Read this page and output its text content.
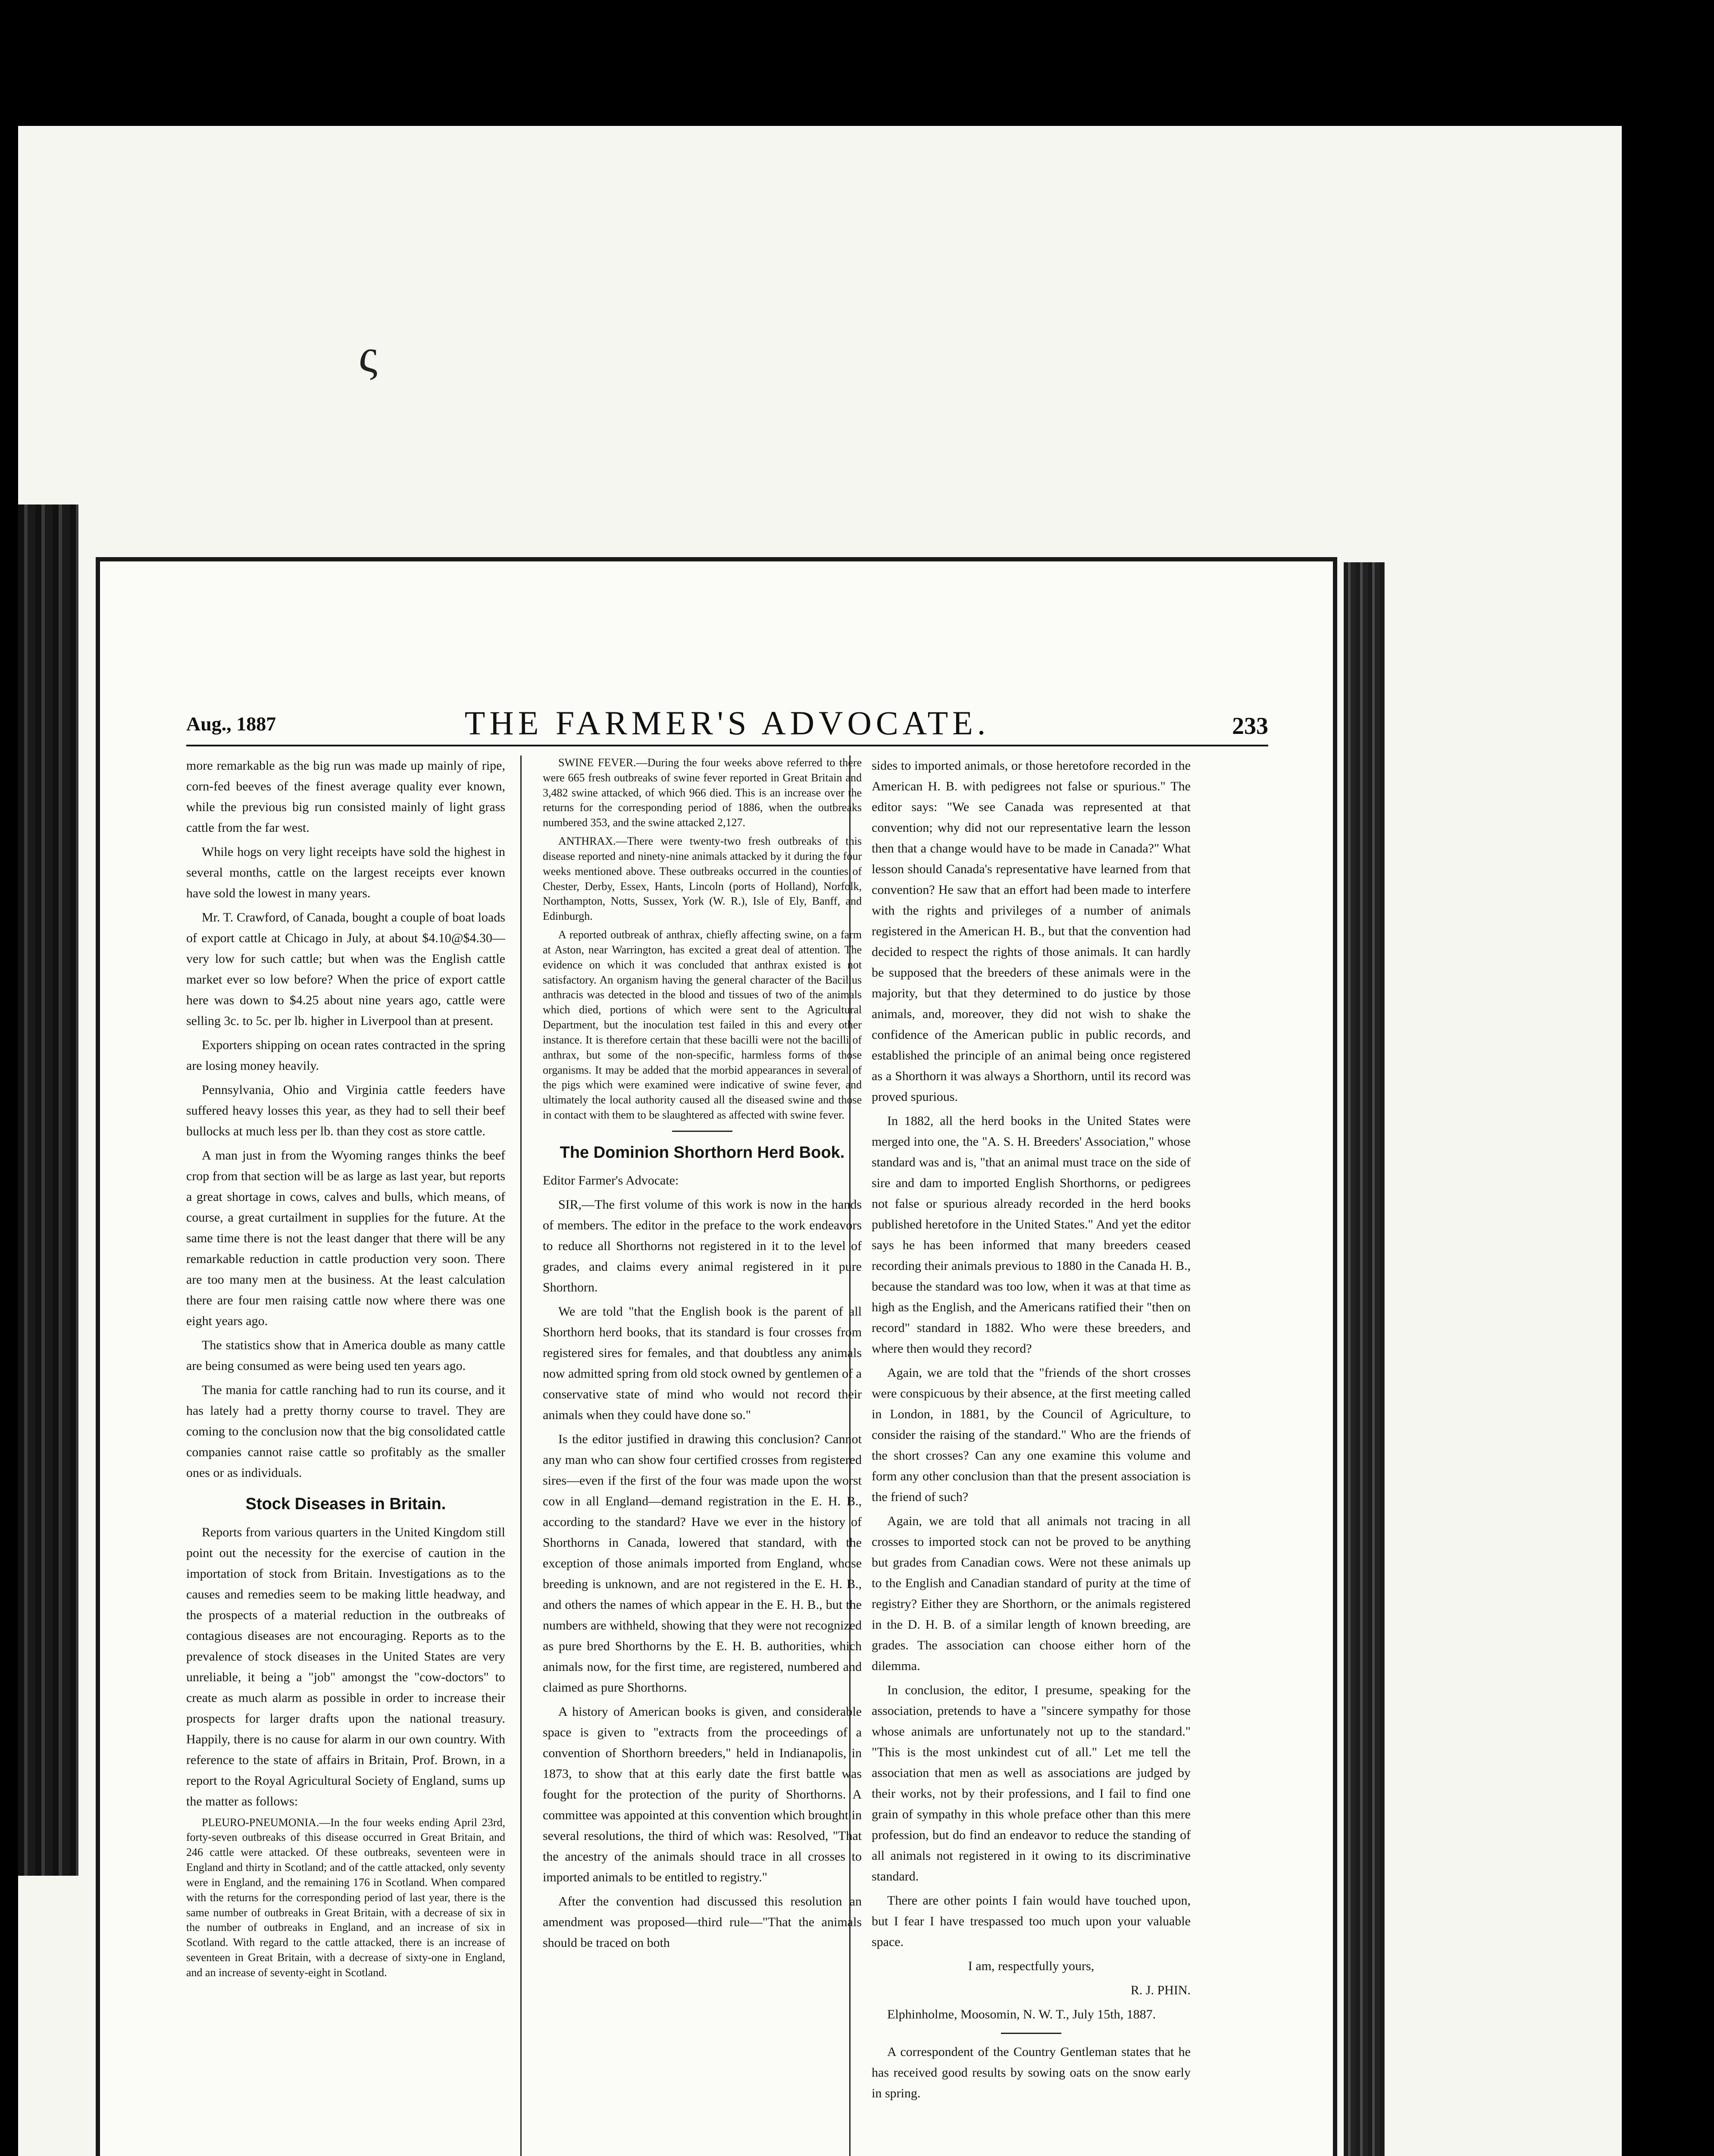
ς
Aug., 1887	THE FARMER'S ADVOCATE.	233

more remarkable as the big run was made up mainly of ripe, corn-fed beeves of the finest average quality ever known, while the previous big run consisted mainly of light grass cattle from the far west.

While hogs on very light receipts have sold the highest in several months, cattle on the largest receipts ever known have sold the lowest in many years.

Mr. T. Crawford, of Canada, bought a couple of boat loads of export cattle at Chicago in July, at about $4.10@$4.30—very low for such cattle; but when was the English cattle market ever so low before? When the price of export cattle here was down to $4.25 about nine years ago, cattle were selling 3c. to 5c. per lb. higher in Liverpool than at present.

Exporters shipping on ocean rates contracted in the spring are losing money heavily.

Pennsylvania, Ohio and Virginia cattle feeders have suffered heavy losses this year, as they had to sell their beef bullocks at much less per lb. than they cost as store cattle.

A man just in from the Wyoming ranges thinks the beef crop from that section will be as large as last year, but reports a great shortage in cows, calves and bulls, which means, of course, a great curtailment in supplies for the future. At the same time there is not the least danger that there will be any remarkable reduction in cattle production very soon. There are too many men at the business. At the least calculation there are four men raising cattle now where there was one eight years ago.

The statistics show that in America double as many cattle are being consumed as were being used ten years ago.

The mania for cattle ranching had to run its course, and it has lately had a pretty thorny course to travel. They are coming to the conclusion now that the big consolidated cattle companies cannot raise cattle so profitably as the smaller ones or as individuals.

Stock Diseases in Britain.

Reports from various quarters in the United Kingdom still point out the necessity for the exercise of caution in the importation of stock from Britain. Investigations as to the causes and remedies seem to be making little headway, and the prospects of a material reduction in the outbreaks of contagious diseases are not encouraging. Reports as to the prevalence of stock diseases in the United States are very unreliable, it being a "job" amongst the "cow-doctors" to create as much alarm as possible in order to increase their prospects for larger drafts upon the national treasury. Happily, there is no cause for alarm in our own country. With reference to the state of affairs in Britain, Prof. Brown, in a report to the Royal Agricultural Society of England, sums up the matter as follows:

PLEURO-PNEUMONIA.—In the four weeks ending April 23rd, forty-seven outbreaks of this disease occurred in Great Britain, and 246 cattle were attacked. Of these outbreaks, seventeen were in England and thirty in Scotland; and of the cattle attacked, only seventy were in England, and the remaining 176 in Scotland. When compared with the returns for the corresponding period of last year, there is the same number of outbreaks in Great Britain, with a decrease of six in the number of outbreaks in England, and an increase of six in Scotland. With regard to the cattle attacked, there is an increase of seventeen in Great Britain, with a decrease of sixty-one in England, and an increase of seventy-eight in Scotland.

SWINE FEVER.—During the four weeks above referred to there were 665 fresh outbreaks of swine fever reported in Great Britain and 3,482 swine attacked, of which 966 died. This is an increase over the returns for the corresponding period of 1886, when the outbreaks numbered 353, and the swine attacked 2,127.

ANTHRAX.—There were twenty-two fresh outbreaks of this disease reported and ninety-nine animals attacked by it during the four weeks mentioned above. These outbreaks occurred in the counties of Chester, Derby, Essex, Hants, Lincoln (ports of Holland), Norfolk, Northampton, Notts, Sussex, York (W. R.), Isle of Ely, Banff, and Edinburgh.

A reported outbreak of anthrax, chiefly affecting swine, on a farm at Aston, near Warrington, has excited a great deal of attention. The evidence on which it was concluded that anthrax existed is not satisfactory. An organism having the general character of the Bacillus anthracis was detected in the blood and tissues of two of the animals which died, portions of which were sent to the Agricultural Department, but the inoculation test failed in this and every other instance. It is therefore certain that these bacilli were not the bacilli of anthrax, but some of the non-specific, harmless forms of those organisms. It may be added that the morbid appearances in several of the pigs which were examined were indicative of swine fever, and ultimately the local authority caused all the diseased swine and those in contact with them to be slaughtered as affected with swine fever.

The Dominion Shorthorn Herd Book.

Editor Farmer's Advocate:

SIR,—The first volume of this work is now in the hands of members. The editor in the preface to the work endeavors to reduce all Shorthorns not registered in it to the level of grades, and claims every animal registered in it pure Shorthorn.

We are told "that the English book is the parent of all Shorthorn herd books, that its standard is four crosses from registered sires for females, and that doubtless any animals now admitted spring from old stock owned by gentlemen of a conservative state of mind who would not record their animals when they could have done so."

Is the editor justified in drawing this conclusion? Cannot any man who can show four certified crosses from registered sires—even if the first of the four was made upon the worst cow in all England—demand registration in the E. H. B., according to the standard? Have we ever in the history of Shorthorns in Canada, lowered that standard, with the exception of those animals imported from England, whose breeding is unknown, and are not registered in the E. H. B., and others the names of which appear in the E. H. B., but the numbers are withheld, showing that they were not recognized as pure bred Shorthorns by the E. H. B. authorities, which animals now, for the first time, are registered, numbered and claimed as pure Shorthorns.

A history of American books is given, and considerable space is given to "extracts from the proceedings of a convention of Shorthorn breeders," held in Indianapolis, in 1873, to show that at this early date the first battle was fought for the protection of the purity of Shorthorns. A committee was appointed at this convention which brought in several resolutions, the third of which was: Resolved, "That the ancestry of the animals should trace in all crosses to imported animals to be entitled to registry."

After the convention had discussed this resolution an amendment was proposed—third rule—"That the animals should be traced on both

sides to imported animals, or those heretofore recorded in the American H. B. with pedigrees not false or spurious." The editor says: "We see Canada was represented at that convention; why did not our representative learn the lesson then that a change would have to be made in Canada?" What lesson should Canada's representative have learned from that convention? He saw that an effort had been made to interfere with the rights and privileges of a number of animals registered in the American H. B., but that the convention had decided to respect the rights of those animals. It can hardly be supposed that the breeders of these animals were in the majority, but that they determined to do justice by those animals, and, moreover, they did not wish to shake the confidence of the American public in public records, and established the principle of an animal being once registered as a Shorthorn it was always a Shorthorn, until its record was proved spurious.

In 1882, all the herd books in the United States were merged into one, the "A. S. H. Breeders' Association," whose standard was and is, "that an animal must trace on the side of sire and dam to imported English Shorthorns, or pedigrees not false or spurious already recorded in the herd books published heretofore in the United States." And yet the editor says he has been informed that many breeders ceased recording their animals previous to 1880 in the Canada H. B., because the standard was too low, when it was at that time as high as the English, and the Americans ratified their "then on record" standard in 1882. Who were these breeders, and where then would they record?

Again, we are told that the "friends of the short crosses were conspicuous by their absence, at the first meeting called in London, in 1881, by the Council of Agriculture, to consider the raising of the standard." Who are the friends of the short crosses? Can any one examine this volume and form any other conclusion than that the present association is the friend of such?

Again, we are told that all animals not tracing in all crosses to imported stock can not be proved to be anything but grades from Canadian cows. Were not these animals up to the English and Canadian standard of purity at the time of registry? Either they are Shorthorn, or the animals registered in the D. H. B. of a similar length of known breeding, are grades. The association can choose either horn of the dilemma.

In conclusion, the editor, I presume, speaking for the association, pretends to have a "sincere sympathy for those whose animals are unfortunately not up to the standard." "This is the most unkindest cut of all." Let me tell the association that men as well as associations are judged by their works, not by their professions, and I fail to find one grain of sympathy in this whole preface other than this mere profession, but do find an endeavor to reduce the standing of all animals not registered in it owing to its discriminative standard.

There are other points I fain would have touched upon, but I fear I have trespassed too much upon your valuable space.

I am, respectfully yours,

R. J. PHIN.

Elphinholme, Moosomin, N. W. T., July 15th, 1887.

A correspondent of the Country Gentleman states that he has received good results by sowing oats on the snow early in spring.
